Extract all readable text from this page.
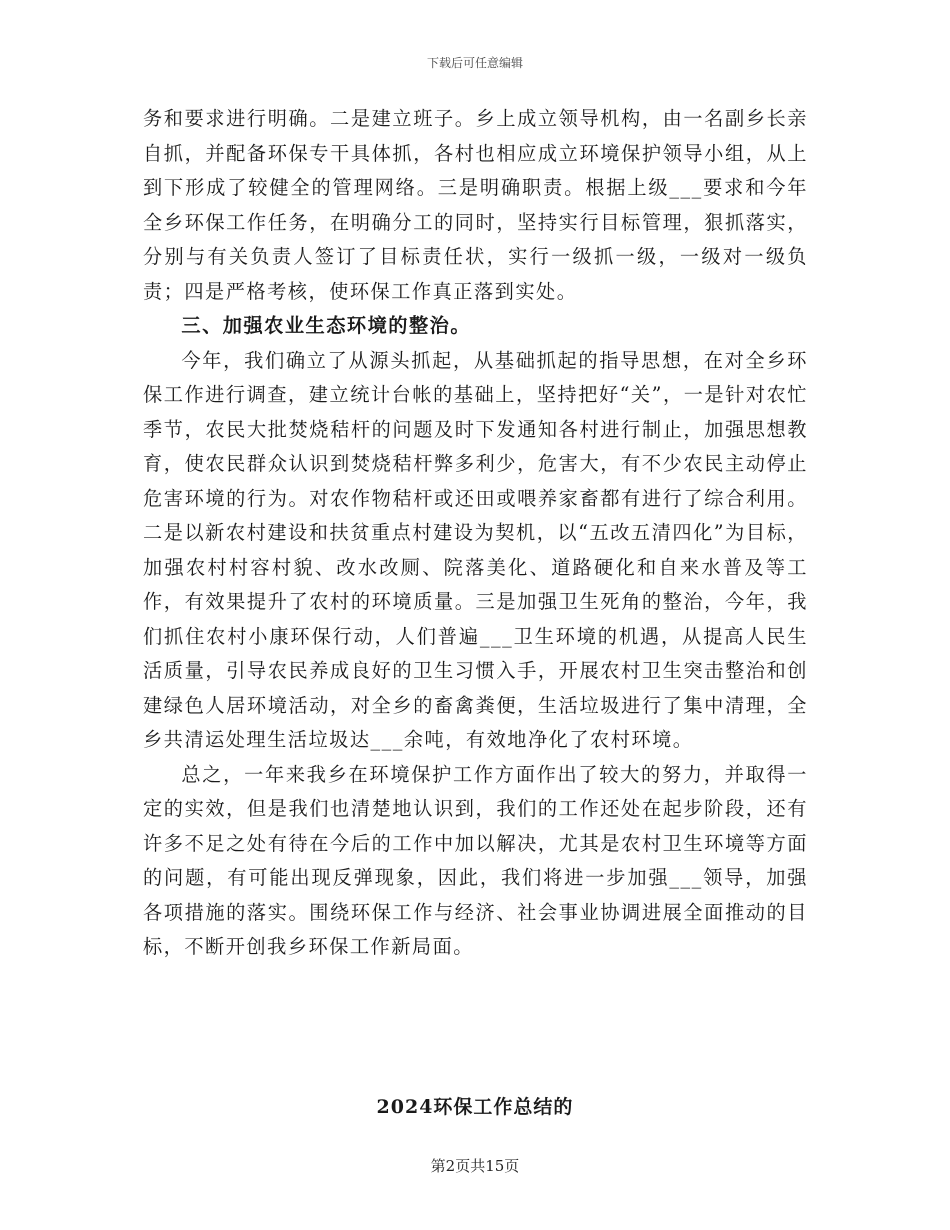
下载后可任意编辑

务和要求进行明确。二是建立班子。乡上成立领导机构，由一名副乡长亲自抓，并配备环保专干具体抓，各村也相应成立环境保护领导小组，从上到下形成了较健全的管理网络。三是明确职责。根据上级___要求和今年全乡环保工作任务，在明确分工的同时，坚持实行目标管理，狠抓落实，分别与有关负责人签订了目标责任状，实行一级抓一级，一级对一级负责；四是严格考核，使环保工作真正落到实处。

三、加强农业生态环境的整治。

今年，我们确立了从源头抓起，从基础抓起的指导思想，在对全乡环保工作进行调查，建立统计台帐的基础上，坚持把好“关”，一是针对农忙季节，农民大批焚烧秸杆的问题及时下发通知各村进行制止，加强思想教育，使农民群众认识到焚烧秸杆弊多利少，危害大，有不少农民主动停止危害环境的行为。对农作物秸杆或还田或喂养家畜都有进行了综合利用。二是以新农村建设和扶贫重点村建设为契机，以“五改五清四化”为目标，加强农村村容村貌、改水改厕、院落美化、道路硬化和自来水普及等工作，有效果提升了农村的环境质量。三是加强卫生死角的整治，今年，我们抓住农村小康环保行动，人们普遍___卫生环境的机遇，从提高人民生活质量，引导农民养成良好的卫生习惯入手，开展农村卫生突击整治和创建绿色人居环境活动，对全乡的畜禽粪便，生活垃圾进行了集中清理，全乡共清运处理生活垃圾达___余吨，有效地净化了农村环境。

总之，一年来我乡在环境保护工作方面作出了较大的努力，并取得一定的实效，但是我们也清楚地认识到，我们的工作还处在起步阶段，还有许多不足之处有待在今后的工作中加以解决，尤其是农村卫生环境等方面的问题，有可能出现反弹现象，因此，我们将进一步加强___领导，加强各项措施的落实。围绕环保工作与经济、社会事业协调进展全面推动的目标，不断开创我乡环保工作新局面。

2024环保工作总结的
第2页共15页
